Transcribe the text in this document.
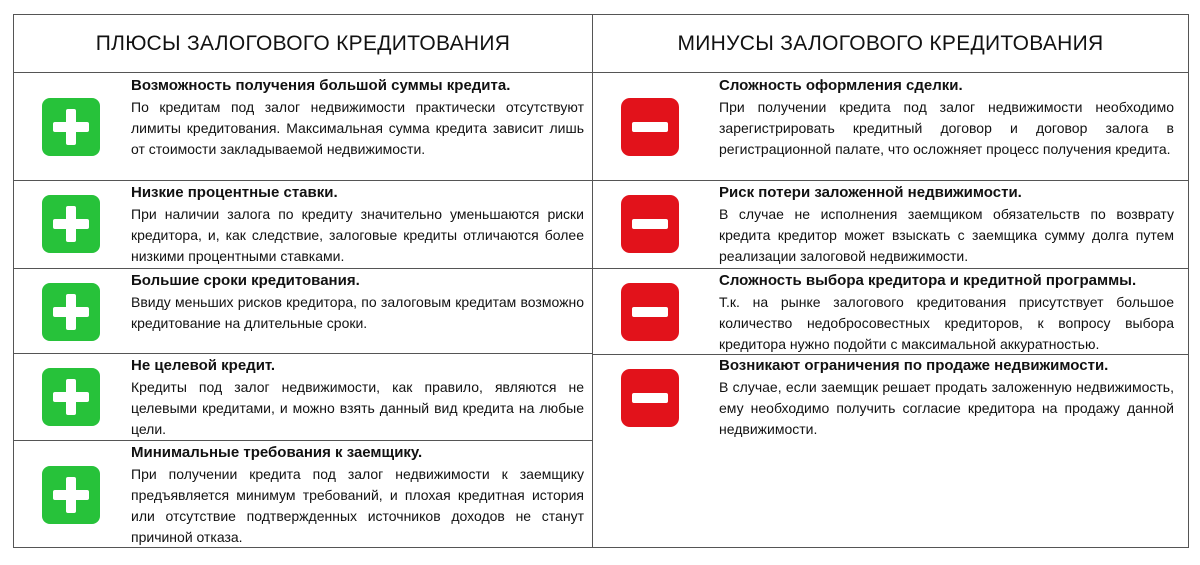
ПЛЮСЫ ЗАЛОГОВОГО КРЕДИТОВАНИЯ
Возможность получения большой суммы кредита.
По кредитам под залог недвижимости практически отсутствуют лимиты кредитования. Максимальная сумма кредита зависит лишь от стоимости закладываемой недвижимости.
Низкие процентные ставки.
При наличии залога по кредиту значительно уменьшаются риски кредитора, и, как следствие, залоговые кредиты отличаются более низкими процентными ставками.
Большие сроки кредитования.
Ввиду меньших рисков кредитора, по залоговым кредитам возможно кредитование на длительные сроки.
Не целевой кредит.
Кредиты под залог недвижимости, как правило, являются не целевыми кредитами, и можно взять данный вид кредита на любые цели.
Минимальные требования к заемщику.
При получении кредита под залог недвижимости к заемщику предъявляется минимум требований, и плохая кредитная история или отсутствие подтвержденных источников доходов не станут причиной отказа.
МИНУСЫ ЗАЛОГОВОГО КРЕДИТОВАНИЯ
Сложность оформления сделки.
При получении кредита под залог недвижимости необходимо зарегистрировать кредитный договор и договор залога в регистрационной палате, что осложняет процесс получения кредита.
Риск потери заложенной недвижимости.
В случае не исполнения заемщиком обязательств по возврату кредита кредитор может взыскать с заемщика сумму долга путем реализации залоговой недвижимости.
Сложность выбора кредитора и кредитной программы.
Т.к. на рынке залогового кредитования присутствует большое количество недобросовестных кредиторов, к вопросу выбора кредитора нужно подойти с максимальной аккуратностью.
Возникают ограничения по продаже недвижимости.
В случае, если заемщик решает продать заложенную недвижимость, ему необходимо получить согласие кредитора на продажу данной недвижимости.
